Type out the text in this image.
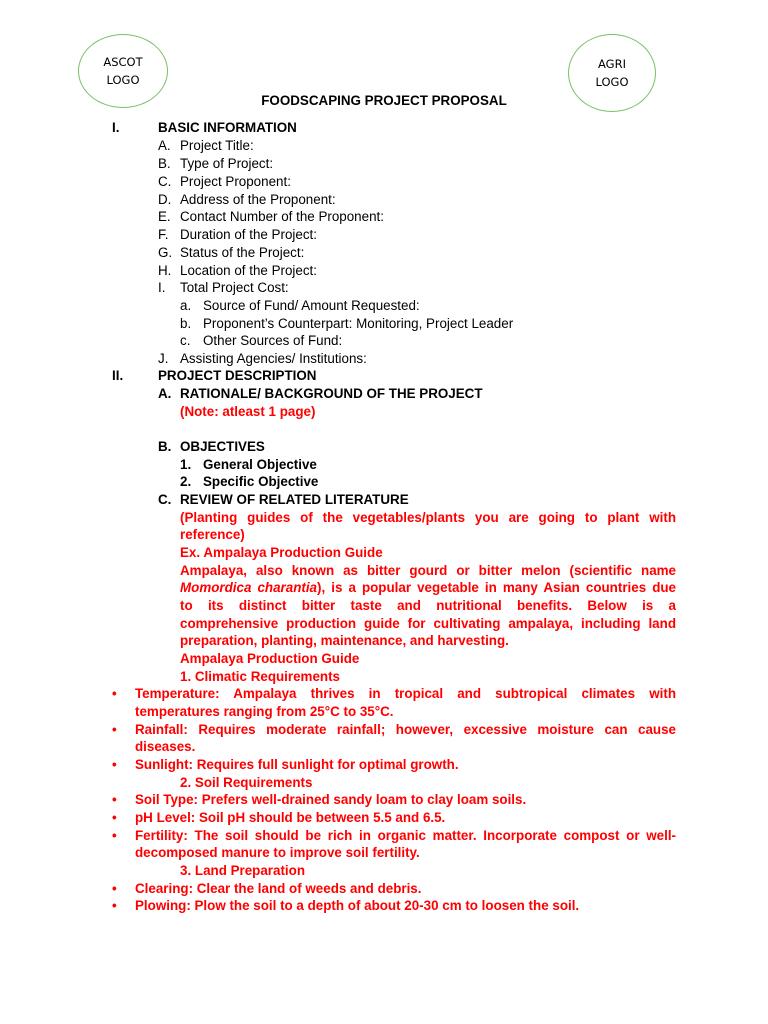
ASCOT
LOGO
AGRI
LOGO
FOODSCAPING PROJECT PROPOSAL
I.	BASIC INFORMATION
A. Project Title:
B. Type of Project:
C. Project Proponent:
D. Address of the Proponent:
E. Contact Number of the Proponent:
F. Duration of the Project:
G. Status of the Project:
H. Location of the Project:
I. Total Project Cost:
a. Source of Fund/ Amount Requested:
b. Proponent’s Counterpart: Monitoring, Project Leader
c. Other Sources of Fund:
J. Assisting Agencies/ Institutions:
II.	PROJECT DESCRIPTION
A. RATIONALE/ BACKGROUND OF THE PROJECT
(Note: atleast 1 page)
B. OBJECTIVES
1. General Objective
2. Specific Objective
C. REVIEW OF RELATED LITERATURE
(Planting guides of the vegetables/plants you are going to plant with
reference)
Ex. Ampalaya Production Guide
Ampalaya, also known as bitter gourd or bitter melon (scientific name
Momordica charantia), is a popular vegetable in many Asian countries due
to its distinct bitter taste and nutritional benefits. Below is a
comprehensive production guide for cultivating ampalaya, including land
preparation, planting, maintenance, and harvesting.
Ampalaya Production Guide
1. Climatic Requirements
• Temperature: Ampalaya thrives in tropical and subtropical climates with
temperatures ranging from 25°C to 35°C.
• Rainfall: Requires moderate rainfall; however, excessive moisture can cause
diseases.
• Sunlight: Requires full sunlight for optimal growth.
2. Soil Requirements
• Soil Type: Prefers well-drained sandy loam to clay loam soils.
• pH Level: Soil pH should be between 5.5 and 6.5.
• Fertility: The soil should be rich in organic matter. Incorporate compost or well-
decomposed manure to improve soil fertility.
3. Land Preparation
• Clearing: Clear the land of weeds and debris.
• Plowing: Plow the soil to a depth of about 20-30 cm to loosen the soil.
